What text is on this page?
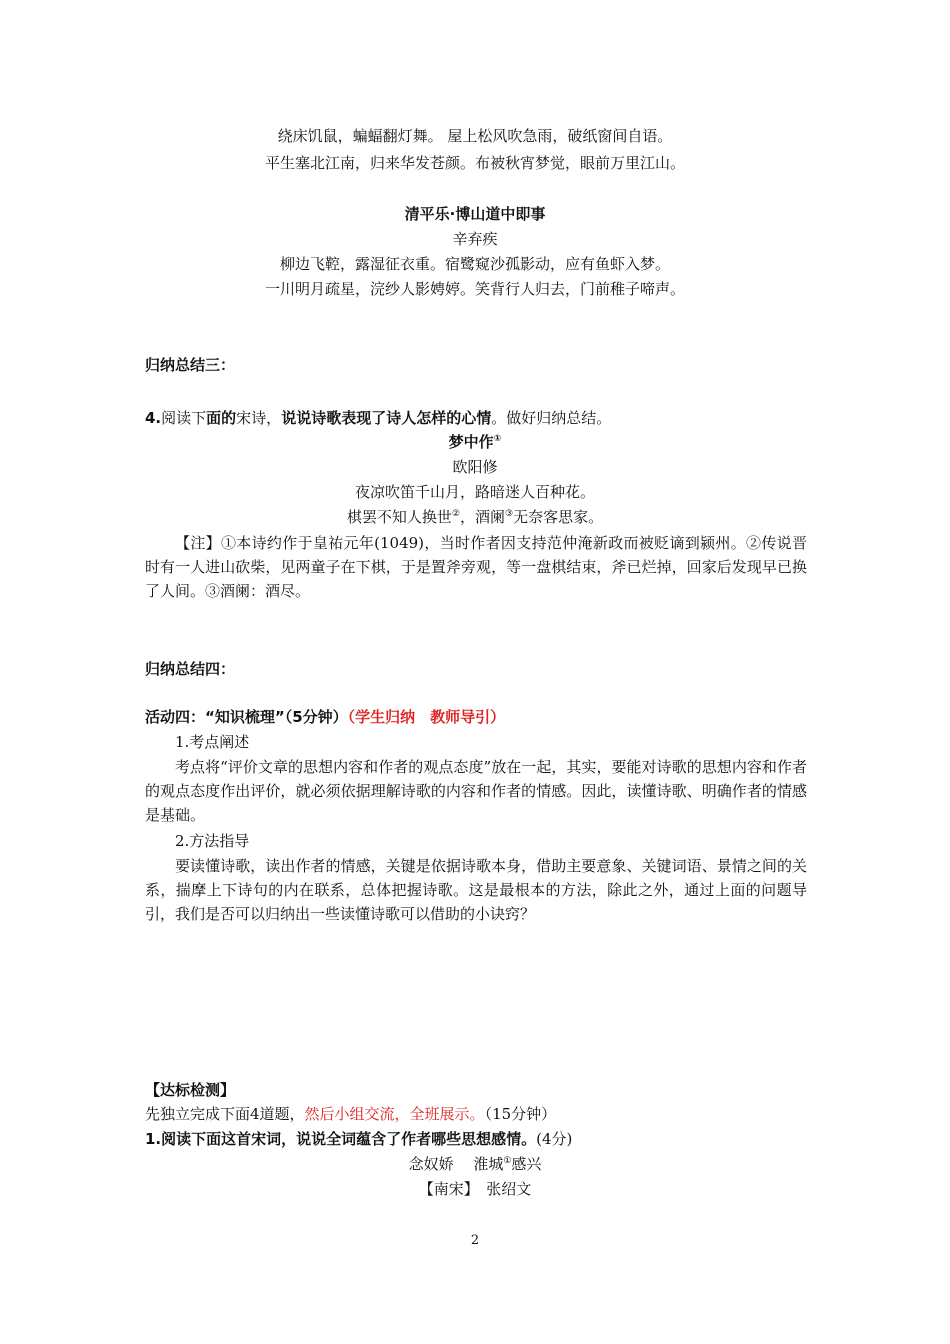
绕床饥鼠，蝙蝠翻灯舞。 屋上松风吹急雨，破纸窗间自语。
平生塞北江南，归来华发苍颜。布被秋宵梦觉，眼前万里江山。
清平乐·博山道中即事
辛弃疾
柳边飞鞚，露湿征衣重。宿鹭窥沙孤影动，应有鱼虾入梦。
一川明月疏星，浣纱人影娉婷。笑背行人归去，门前稚子啼声。
归纳总结三：
4.阅读下面的宋诗，说说诗歌表现了诗人怎样的心情。做好归纳总结。
梦中作①
欧阳修
夜凉吹笛千山月，路暗迷人百种花。
棋罢不知人换世②，酒阑③无奈客思家。
【注】①本诗约作于皇祐元年(1049)，当时作者因支持范仲淹新政而被贬谪到颍州。②传说晋时有一人进山砍柴，见两童子在下棋，于是置斧旁观，等一盘棋结束，斧已烂掉，回家后发现早已换了人间。③酒阑：酒尽。
归纳总结四：
活动四：“知识梳理”（5分钟）（学生归纳　教师导引）
1.考点阐述
考点将“评价文章的思想内容和作者的观点态度”放在一起，其实，要能对诗歌的思想内容和作者的观点态度作出评价，就必须依据理解诗歌的内容和作者的情感。因此，读懂诗歌、明确作者的情感是基础。
2.方法指导
要读懂诗歌，读出作者的情感，关键是依据诗歌本身，借助主要意象、关键词语、景情之间的关系，揣摩上下诗句的内在联系，总体把握诗歌。这是最根本的方法，除此之外，通过上面的问题导引，我们是否可以归纳出一些读懂诗歌可以借助的小诀窍？
【达标检测】
先独立完成下面4道题，然后小组交流，全班展示。（15分钟）
1.阅读下面这首宋词，说说全词蕴含了作者哪些思想感情。(4分)
念奴娇　 淮城①感兴
【南宋】　张绍文
2
